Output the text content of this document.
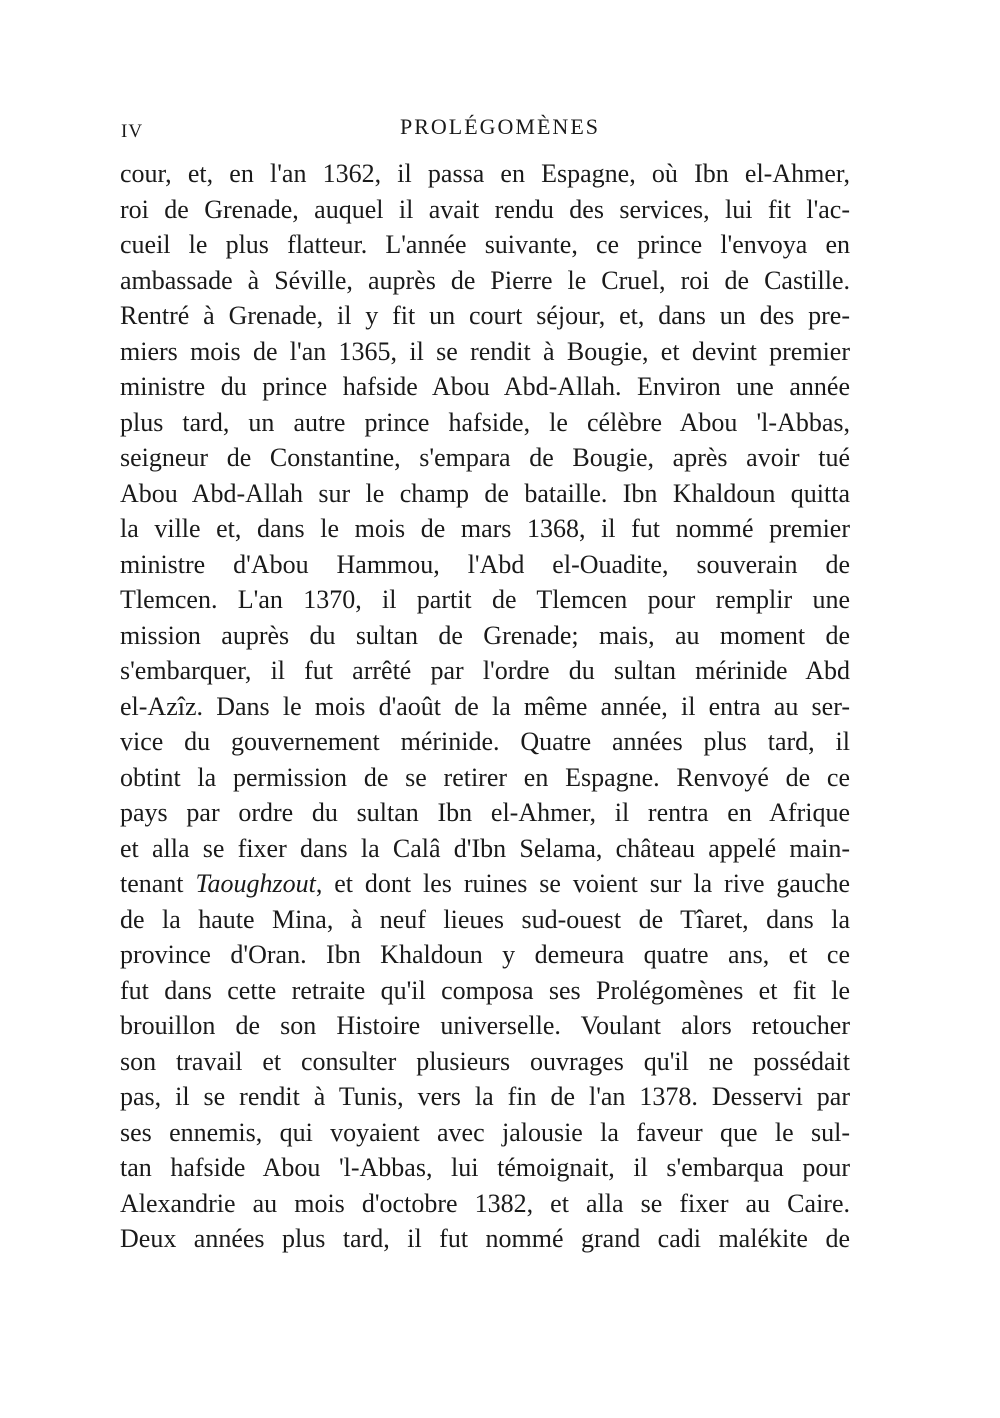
IV	PROLÉGOMÈNES
cour, et, en l'an 1362, il passa en Espagne, où Ibn el-Ahmer,
roi de Grenade, auquel il avait rendu des services, lui fit l'ac-
cueil le plus flatteur. L'année suivante, ce prince l'envoya en
ambassade à Séville, auprès de Pierre le Cruel, roi de Castille.
Rentré à Grenade, il y fit un court séjour, et, dans un des pre-
miers mois de l'an 1365, il se rendit à Bougie, et devint premier
ministre du prince hafside Abou Abd-Allah. Environ une année
plus tard, un autre prince hafside, le célèbre Abou 'l-Abbas,
seigneur de Constantine, s'empara de Bougie, après avoir tué
Abou Abd-Allah sur le champ de bataille. Ibn Khaldoun quitta
la ville et, dans le mois de mars 1368, il fut nommé premier
ministre d'Abou Hammou, l'Abd el-Ouadite, souverain de
Tlemcen. L'an 1370, il partit de Tlemcen pour remplir une
mission auprès du sultan de Grenade; mais, au moment de
s'embarquer, il fut arrêté par l'ordre du sultan mérinide Abd
el-Azîz. Dans le mois d'août de la même année, il entra au ser-
vice du gouvernement mérinide. Quatre années plus tard, il
obtint la permission de se retirer en Espagne. Renvoyé de ce
pays par ordre du sultan Ibn el-Ahmer, il rentra en Afrique
et alla se fixer dans la Calâ d'Ibn Selama, château appelé main-
tenant Taoughzout, et dont les ruines se voient sur la rive gauche
de la haute Mina, à neuf lieues sud-ouest de Tîaret, dans la
province d'Oran. Ibn Khaldoun y demeura quatre ans, et ce
fut dans cette retraite qu'il composa ses Prolégomènes et fit le
brouillon de son Histoire universelle. Voulant alors retoucher
son travail et consulter plusieurs ouvrages qu'il ne possédait
pas, il se rendit à Tunis, vers la fin de l'an 1378. Desservi par
ses ennemis, qui voyaient avec jalousie la faveur que le sul-
tan hafside Abou 'l-Abbas, lui témoignait, il s'embarqua pour
Alexandrie au mois d'octobre 1382, et alla se fixer au Caire.
Deux années plus tard, il fut nommé grand cadi malékite de
